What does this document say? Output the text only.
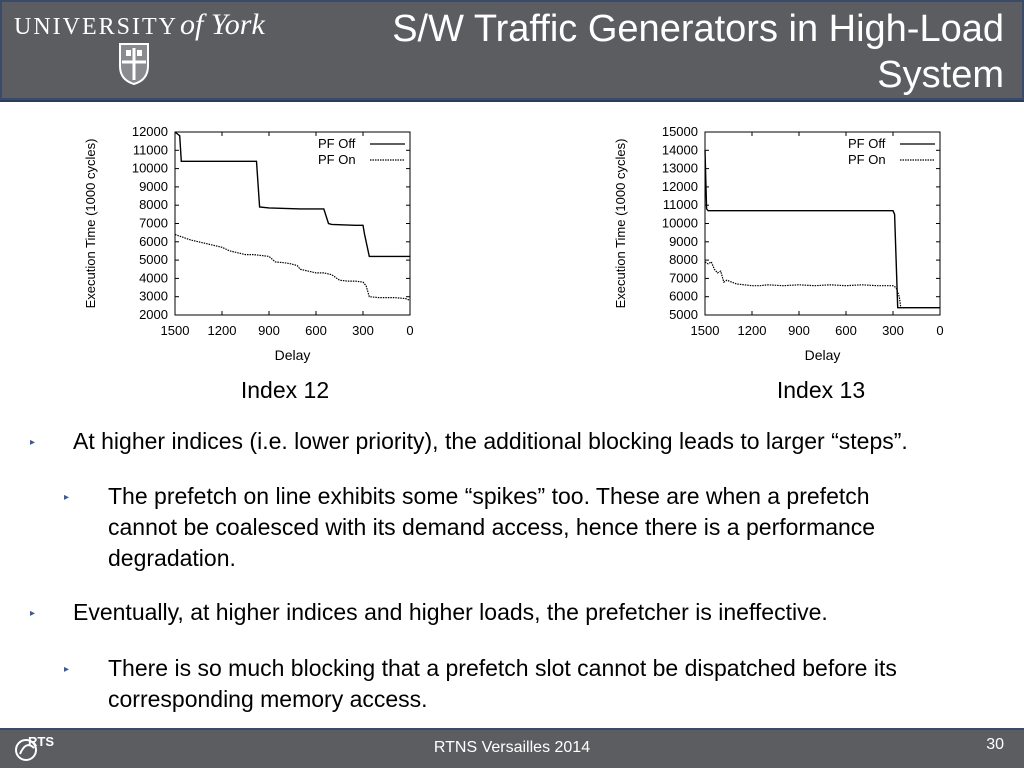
UNIVERSITYof York	S/W Traffic Generators in High-Load
System
12000
11000
10000
9000
8000
7000
6000
5000
4000
3000
2000
1500 1200 900 600 300	0
Delay
Execution Time (1000 cycles)	PF Off
PF On
15000
14000
13000
12000
11000
10000
9000
8000
7000
6000
5000
1500 1200 900 600 300	0
Delay
Execution Time (1000 cycles)	PF Off
PF On
Index 12	Index 13
▸ At higher indices (i.e. lower priority), the additional blocking leads to larger “steps”.
▸ The prefetch on line exhibits some “spikes” too. These are when a prefetch
cannot be coalesced with its demand access, hence there is a performance
degradation.
▸ Eventually, at higher indices and higher loads, the prefetcher is ineffective.
▸ There is so much blocking that a prefetch slot cannot be dispatched before its
corresponding memory access.
RTS	RTNS Versailles 2014	30
